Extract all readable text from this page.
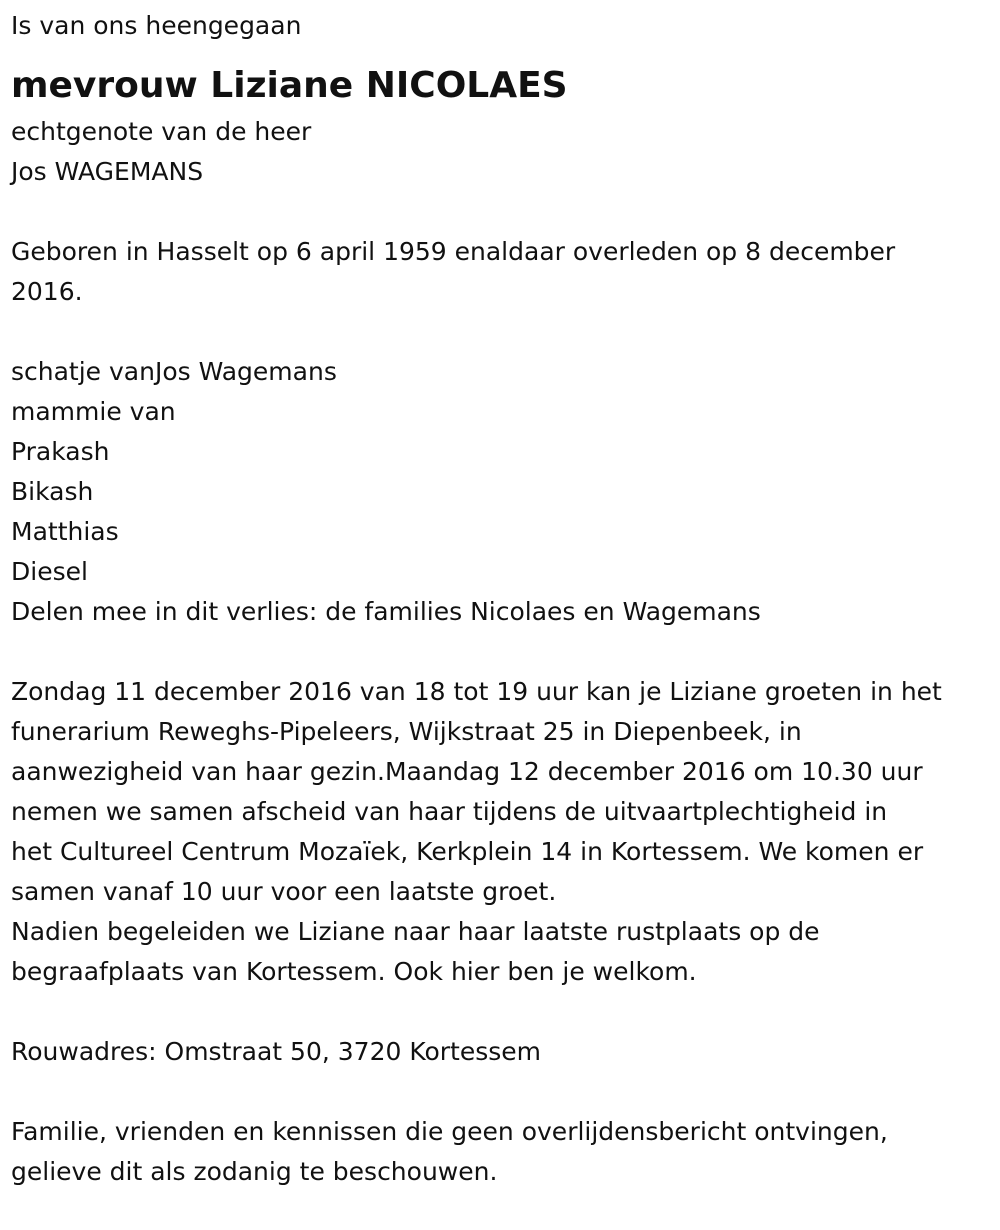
Is van ons heengegaan

mevrouw Liziane NICOLAES

echtgenote van de heer

Jos WAGEMANS

Geboren in Hasselt op 6 april 1959 enaldaar overleden op 8 december

2016.

schatje vanJos Wagemans

mammie van

Prakash

Bikash

Matthias

Diesel

Delen mee in dit verlies: de families Nicolaes en Wagemans

Zondag 11 december 2016 van 18 tot 19 uur kan je Liziane groeten in het

funerarium Reweghs-Pipeleers, Wijkstraat 25 in Diepenbeek, in

aanwezigheid van haar gezin.Maandag 12 december 2016 om 10.30 uur

nemen we samen afscheid van haar tijdens de uitvaartplechtigheid in

het Cultureel Centrum Mozaïek, Kerkplein 14 in Kortessem. We komen er

samen vanaf 10 uur voor een laatste groet.

Nadien begeleiden we Liziane naar haar laatste rustplaats op de

begraafplaats van Kortessem. Ook hier ben je welkom.

Rouwadres: Omstraat 50, 3720 Kortessem

Familie, vrienden en kennissen die geen overlijdensbericht ontvingen,

gelieve dit als zodanig te beschouwen.
